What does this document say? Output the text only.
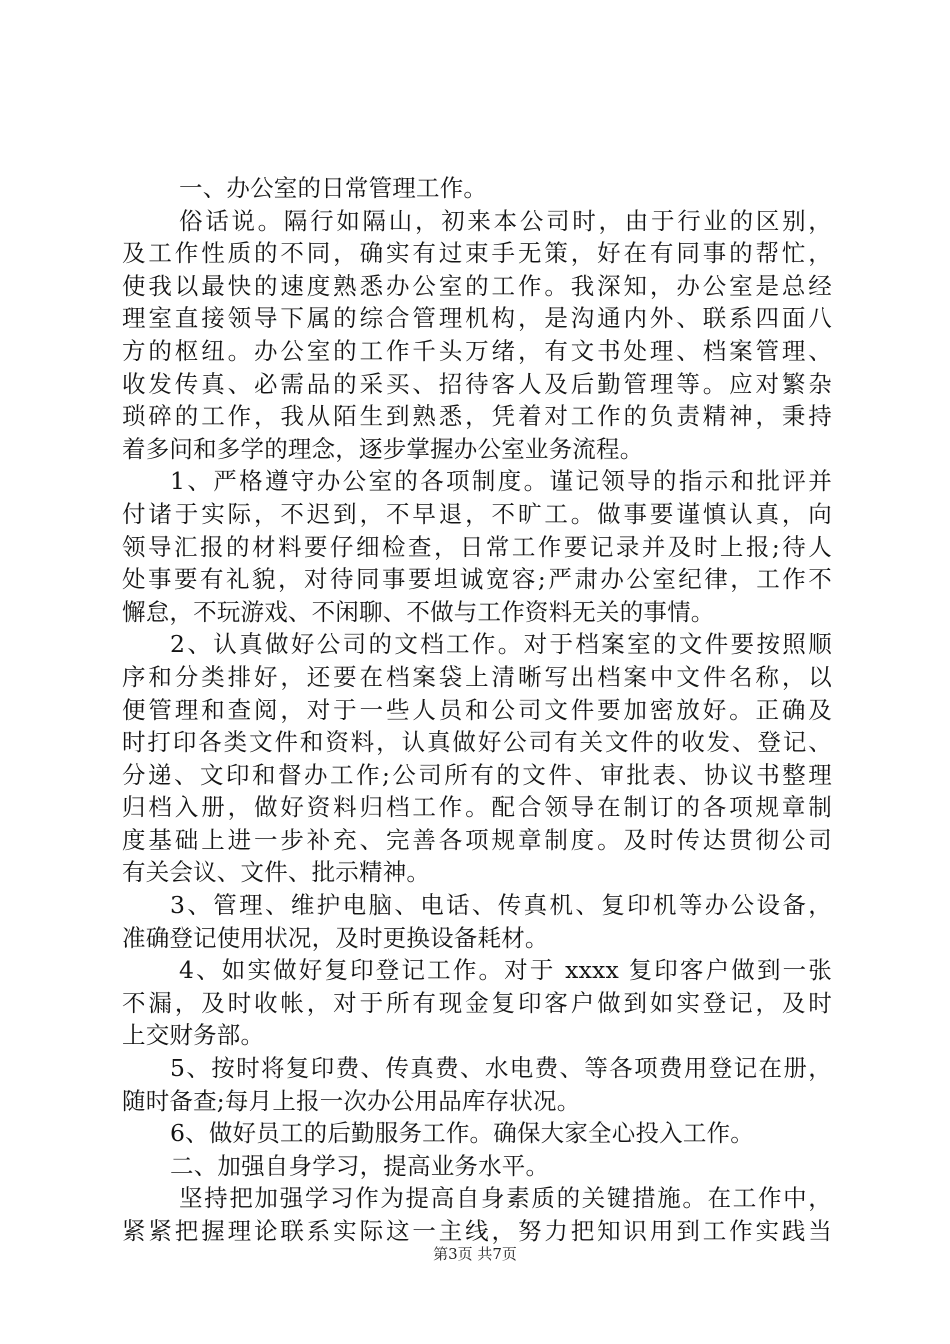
一、办公室的日常管理工作。
俗话说。隔行如隔山，初来本公司时，由于行业的区别，
及工作性质的不同，确实有过束手无策，好在有同事的帮忙，
使我以最快的速度熟悉办公室的工作。我深知，办公室是总经
理室直接领导下属的综合管理机构，是沟通内外、联系四面八
方的枢纽。办公室的工作千头万绪，有文书处理、档案管理、
收发传真、必需品的采买、招待客人及后勤管理等。应对繁杂
琐碎的工作，我从陌生到熟悉，凭着对工作的负责精神，秉持
着多问和多学的理念，逐步掌握办公室业务流程。
1、严格遵守办公室的各项制度。谨记领导的指示和批评并
付诸于实际，不迟到，不早退，不旷工。做事要谨慎认真，向
领导汇报的材料要仔细检查，日常工作要记录并及时上报;待人
处事要有礼貌，对待同事要坦诚宽容;严肃办公室纪律，工作不
懈怠，不玩游戏、不闲聊、不做与工作资料无关的事情。
2、认真做好公司的文档工作。对于档案室的文件要按照顺
序和分类排好，还要在档案袋上清晰写出档案中文件名称，以
便管理和查阅，对于一些人员和公司文件要加密放好。正确及
时打印各类文件和资料，认真做好公司有关文件的收发、登记、
分递、文印和督办工作;公司所有的文件、审批表、协议书整理
归档入册，做好资料归档工作。配合领导在制订的各项规章制
度基础上进一步补充、完善各项规章制度。及时传达贯彻公司
有关会议、文件、批示精神。
3、管理、维护电脑、电话、传真机、复印机等办公设备，
准确登记使用状况，及时更换设备耗材。
4、如实做好复印登记工作。对于 xxxx 复印客户做到一张
不漏，及时收帐，对于所有现金复印客户做到如实登记，及时
上交财务部。
5、按时将复印费、传真费、水电费、等各项费用登记在册，
随时备查;每月上报一次办公用品库存状况。
6、做好员工的后勤服务工作。确保大家全心投入工作。
二、加强自身学习，提高业务水平。
坚持把加强学习作为提高自身素质的关键措施。在工作中，
紧紧把握理论联系实际这一主线，努力把知识用到工作实践当
第3页 共7页
